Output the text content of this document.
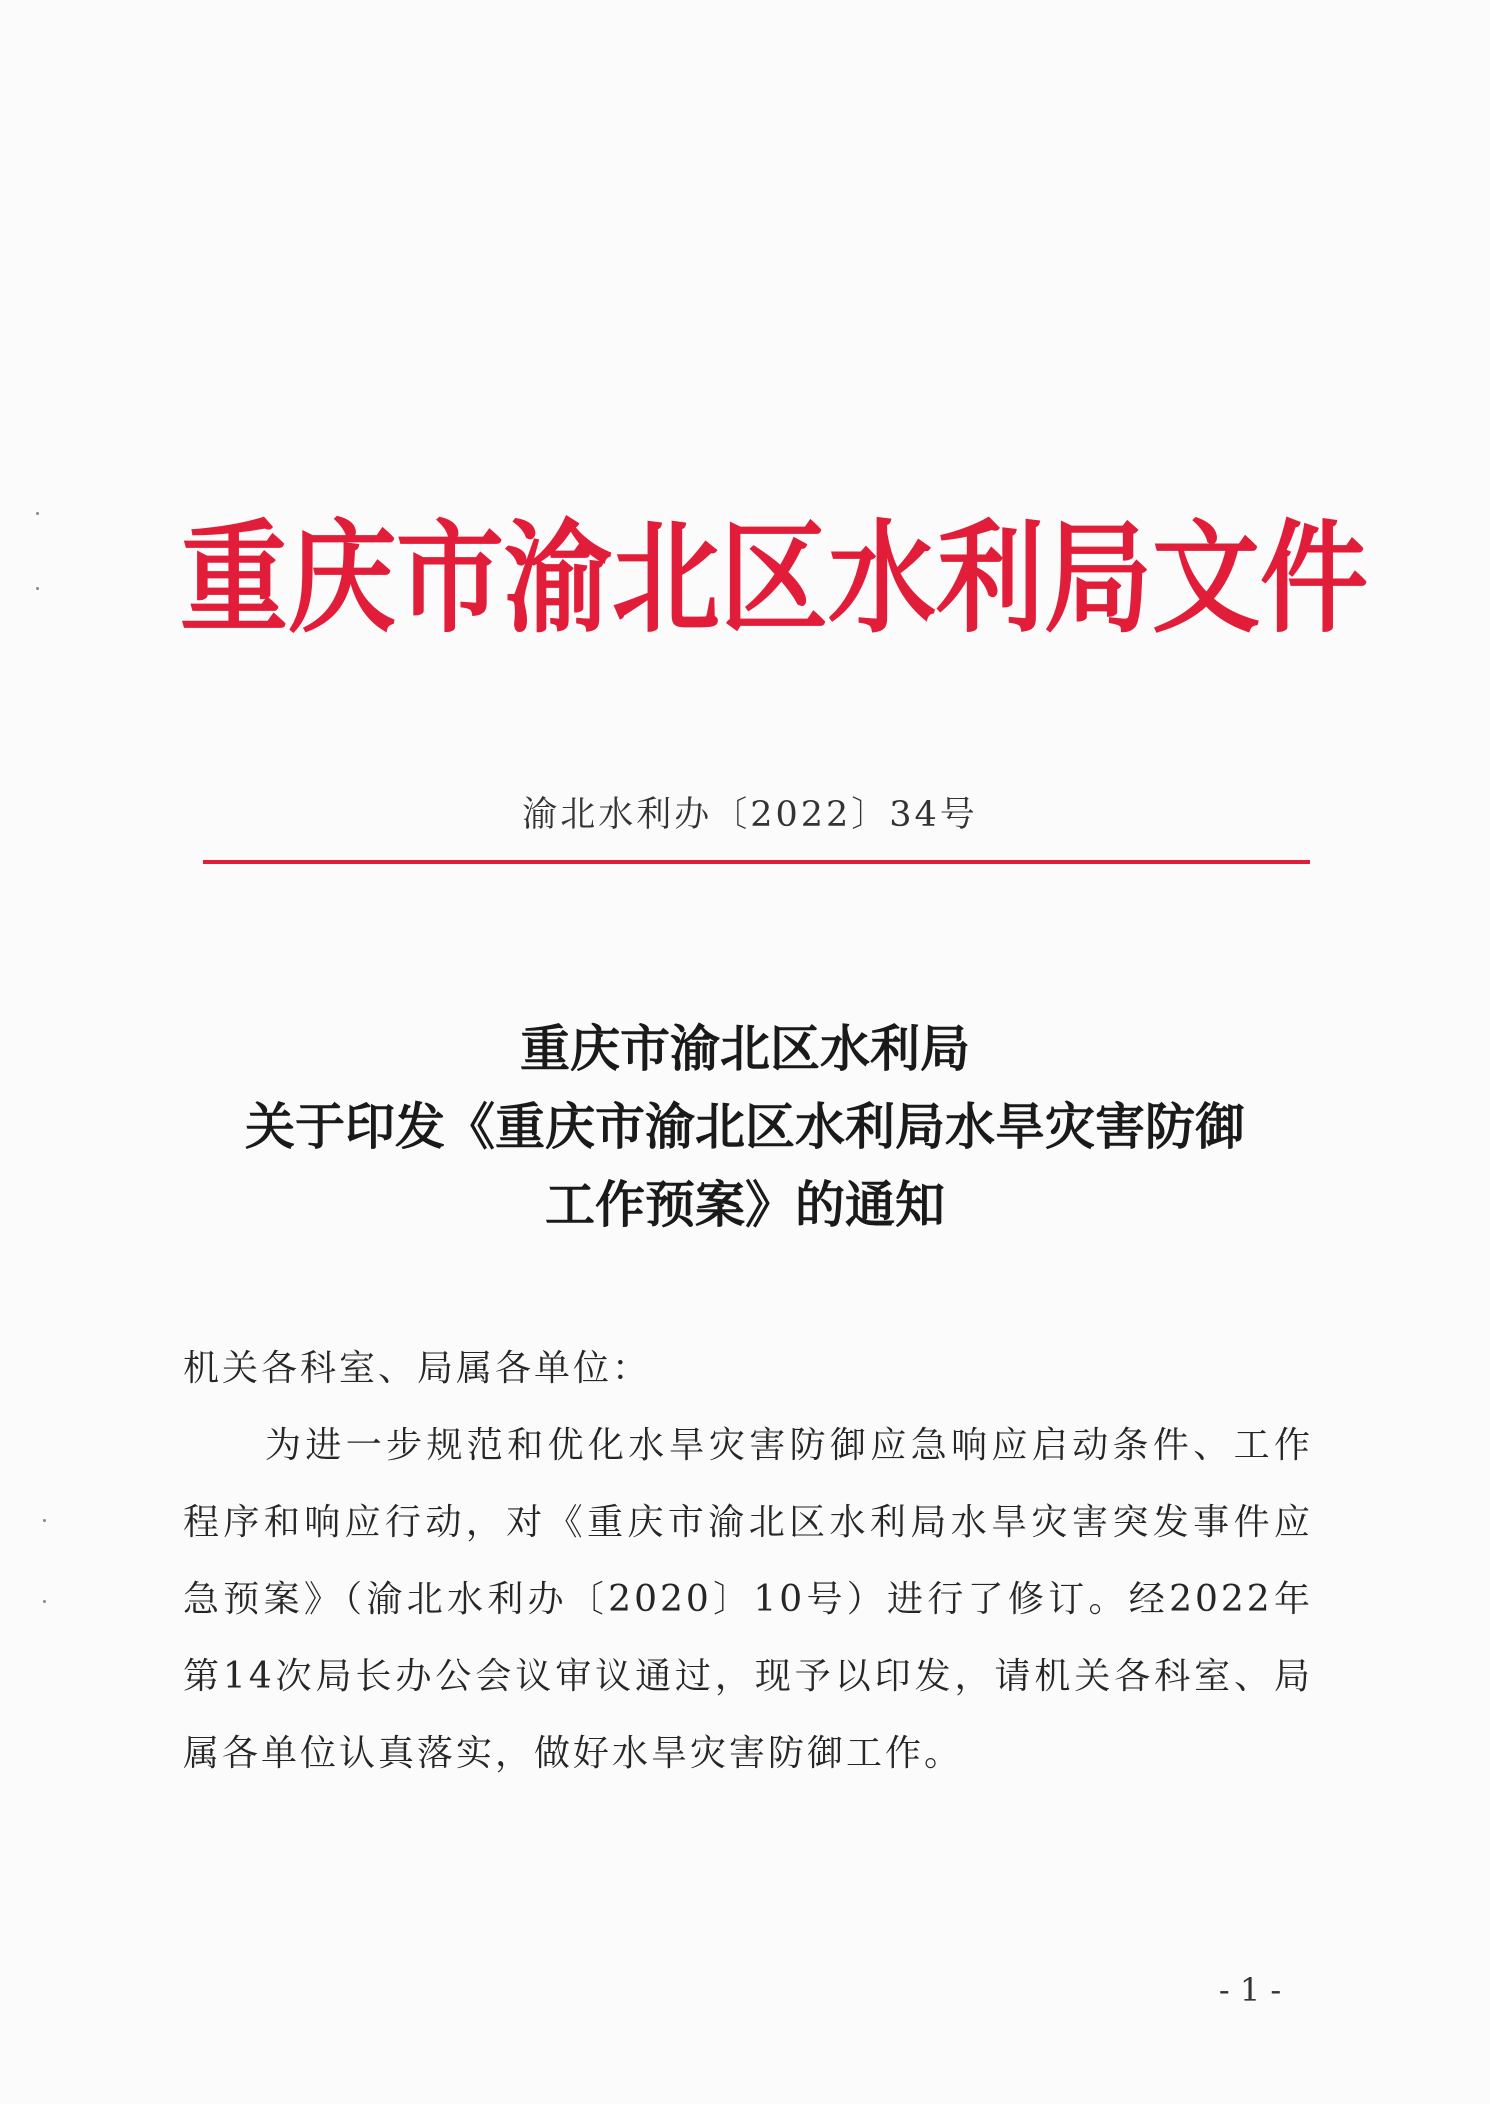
重庆市渝北区水利局文件
渝北水利办〔2022〕34号
重庆市渝北区水利局
关于印发《重庆市渝北区水利局水旱灾害防御
工作预案》的通知
机关各科室、局属各单位：
为进一步规范和优化水旱灾害防御应急响应启动条件、工作程序和响应行动，对《重庆市渝北区水利局水旱灾害突发事件应急预案》（渝北水利办〔2020〕10号）进行了修订。经2022年第14次局长办公会议审议通过，现予以印发，请机关各科室、局属各单位认真落实，做好水旱灾害防御工作。
- 1 -
